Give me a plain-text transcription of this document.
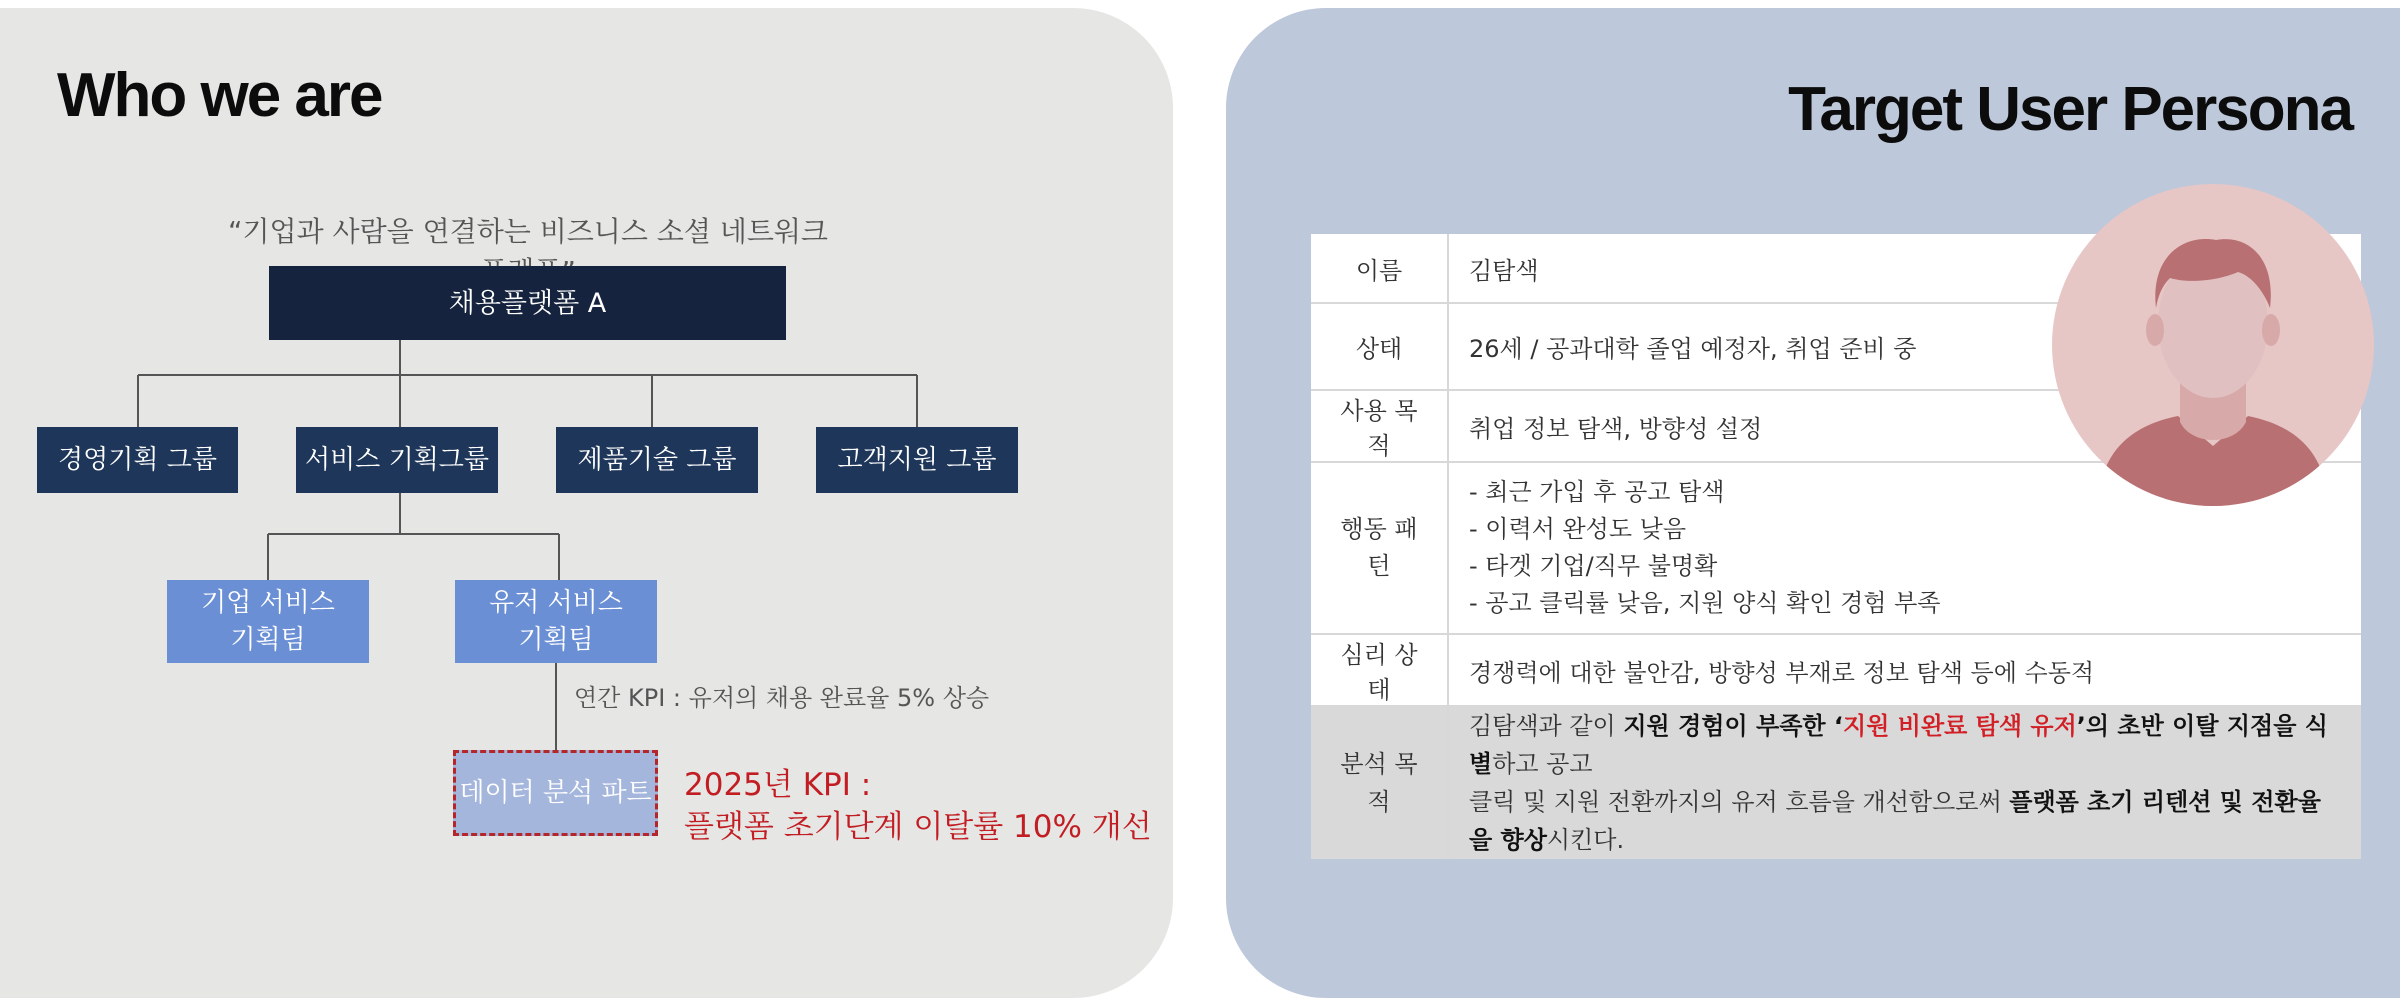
Who we are
“기업과 사람을 연결하는 비즈니스 소셜 네트워크
채용플랫폼 A
경영기획 그룹	서비스 기획그룹	제품기술 그룹	고객지원 그룹
기업 서비스
기획팀
유저 서비스
기획팀
연간 KPI : 유저의 채용 완료율 5% 상승
데이터 분석 파트 2025년 KPI :
플랫폼 초기단계 이탈률 10% 개선
Target User Persona
이름	김탐색
상태	26세 / 공과대학 졸업 예정자, 취업 준비 중
사용 목적	취업 정보 탐색, 방향성 설정
행동 패턴	- 최근 가입 후 공고 탐색
- 이력서 완성도 낮음
- 타겟 기업/직무 불명확
- 공고 클릭률 낮음, 지원 양식 확인 경험 부족

심리 상태	경쟁력에 대한 불안감, 방향성 부재로 정보 탐색 등에 수동적
분석 목적	김탐색과 같이 지원 경험이 부족한 ‘지원 비완료 탐색 유저’의 초반 이탈 지점을 식별하고 공고
클릭 및 지원 전환까지의 유저 흐름을 개선함으로써 플랫폼 초기 리텐션 및 전환율을 향상시킨다.
